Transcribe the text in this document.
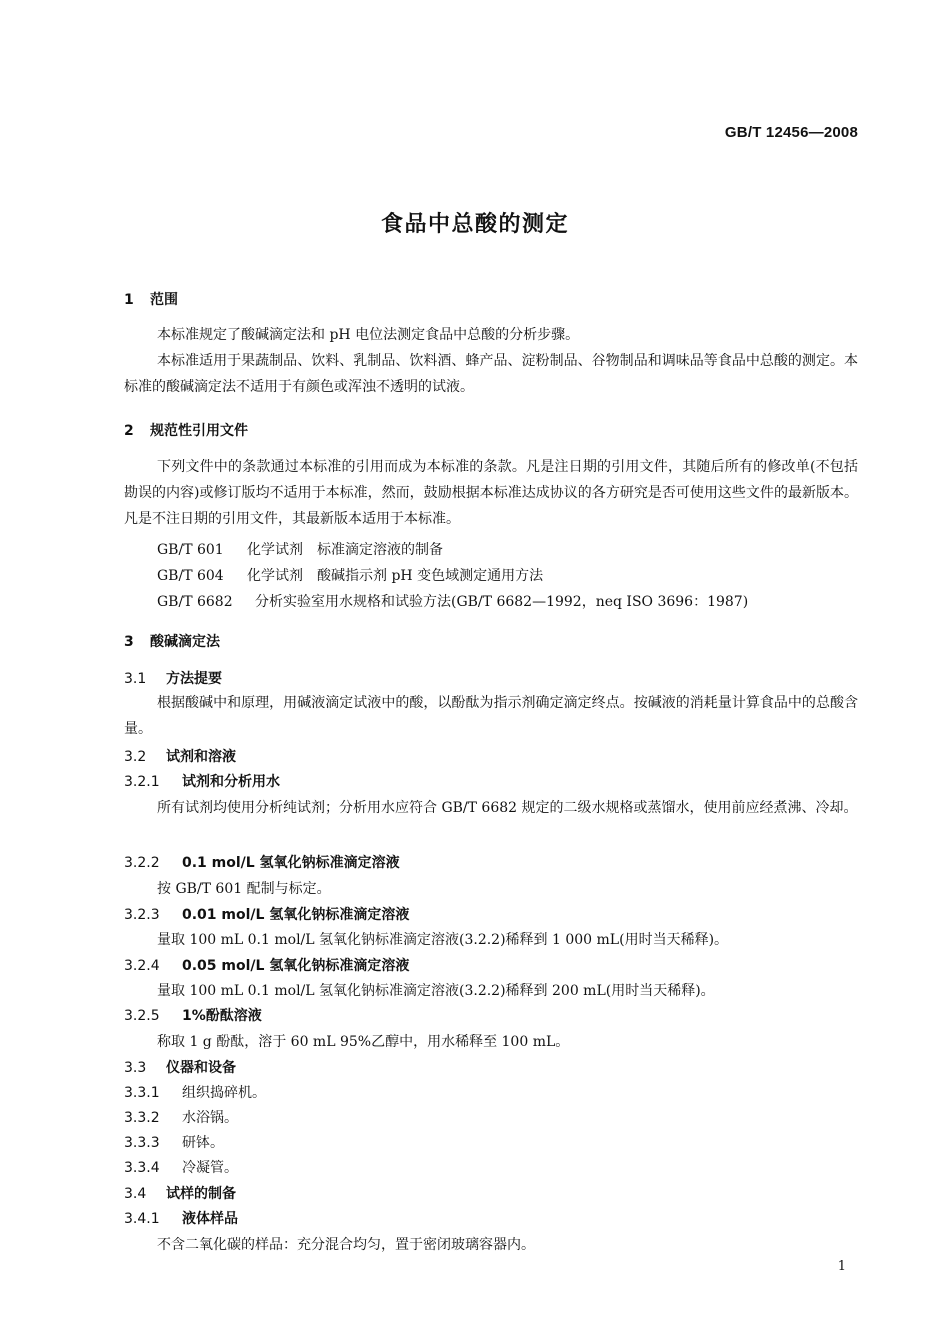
GB/T 12456—2008
食品中总酸的测定
1 范围
本标准规定了酸碱滴定法和 pH 电位法测定食品中总酸的分析步骤。
本标准适用于果蔬制品、饮料、乳制品、饮料酒、蜂产品、淀粉制品、谷物制品和调味品等食品中总酸的测定。本标准的酸碱滴定法不适用于有颜色或浑浊不透明的试液。
2 规范性引用文件
下列文件中的条款通过本标准的引用而成为本标准的条款。凡是注日期的引用文件，其随后所有的修改单(不包括勘误的内容)或修订版均不适用于本标准，然而，鼓励根据本标准达成协议的各方研究是否可使用这些文件的最新版本。凡是不注日期的引用文件，其最新版本适用于本标准。
GB/T 601 化学试剂　标准滴定溶液的制备
GB/T 604 化学试剂　酸碱指示剂 pH 变色域测定通用方法
GB/T 6682 分析实验室用水规格和试验方法(GB/T 6682—1992，neq ISO 3696：1987)
3 酸碱滴定法
3.1 方法提要
根据酸碱中和原理，用碱液滴定试液中的酸，以酚酞为指示剂确定滴定终点。按碱液的消耗量计算食品中的总酸含量。
3.2 试剂和溶液
3.2.1 试剂和分析用水
所有试剂均使用分析纯试剂；分析用水应符合 GB/T 6682 规定的二级水规格或蒸馏水，使用前应经煮沸、冷却。
3.2.2 0.1 mol/L 氢氧化钠标准滴定溶液
按 GB/T 601 配制与标定。
3.2.3 0.01 mol/L 氢氧化钠标准滴定溶液
量取 100 mL 0.1 mol/L 氢氧化钠标准滴定溶液(3.2.2)稀释到 1 000 mL(用时当天稀释)。
3.2.4 0.05 mol/L 氢氧化钠标准滴定溶液
量取 100 mL 0.1 mol/L 氢氧化钠标准滴定溶液(3.2.2)稀释到 200 mL(用时当天稀释)。
3.2.5 1%酚酞溶液
称取 1 g 酚酞，溶于 60 mL 95%乙醇中，用水稀释至 100 mL。
3.3 仪器和设备
3.3.1 组织捣碎机。
3.3.2 水浴锅。
3.3.3 研钵。
3.3.4 冷凝管。
3.4 试样的制备
3.4.1 液体样品
不含二氧化碳的样品：充分混合均匀，置于密闭玻璃容器内。
1
